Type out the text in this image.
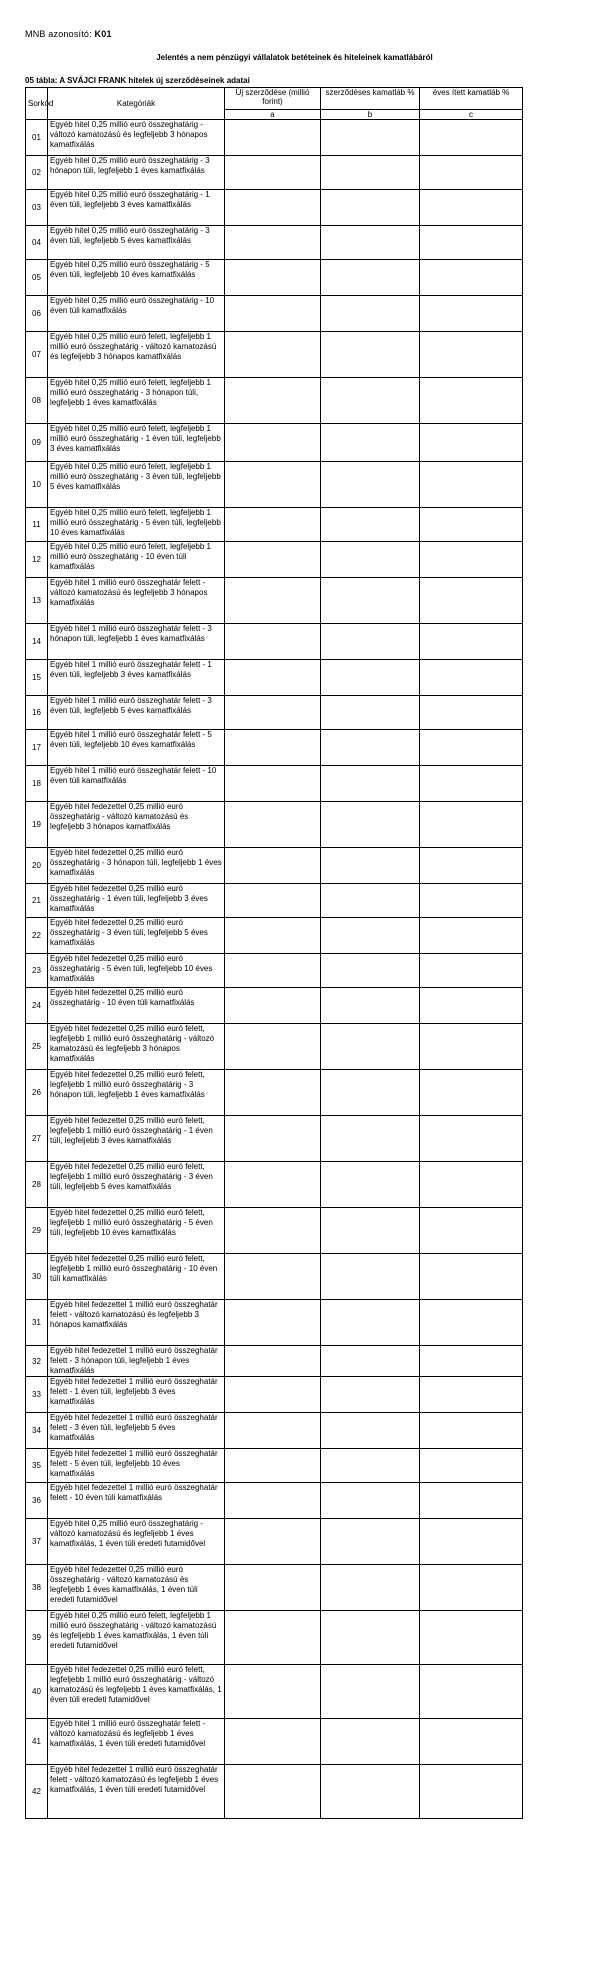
MNB azonosító: K01
Jelentés a nem pénzügyi vállalatok betéteinek és hiteleinek kamatlábáról
05 tábla: A SVÁJCI FRANK hitelek új szerződéseinek adatai
Sorkód	Kategóriák	Új szerződése (millió forint)	szerződéses kamatláb %	éves ített kamatláb %
		a	b	c
01	Egyéb hitel 0,25 millió euró összeghatárig - változó kamatozású és legfeljebb 3 hónapos kamatfixálás			
02	Egyéb hitel 0,25 millió euró összeghatárig - 3 hónapon túli, legfeljebb 1 éves kamatfixálás			
03	Egyéb hitel 0,25 millió euró összeghatárig - 1 éven túli, legfeljebb 3 éves kamatfixálás			
04	Egyéb hitel 0,25 millió euró összeghatárig - 3 éven túli, legfeljebb 5 éves kamatfixálás			
05	Egyéb hitel 0,25 millió euró összeghatárig - 5 éven túli, legfeljebb 10 éves kamatfixálás			
06	Egyéb hitel 0,25 millió euró összeghatárig - 10 éven túli kamatfixálás			
07	Egyéb hitel 0,25 millió euró felett, legfeljebb 1 millió euró összeghatárig - változó kamatozású és legfeljebb 3 hónapos kamatfixálás			
08	Egyéb hitel 0,25 millió euró felett, legfeljebb 1 millió euró összeghatárig - 3 hónapon túli, legfeljebb 1 éves kamatfixálás			
09	Egyéb hitel 0,25 millió euró felett, legfeljebb 1 millió euró összeghatárig - 1 éven túli, legfeljebb 3 éves kamatfixálás			
10	Egyéb hitel 0,25 millió euró felett, legfeljebb 1 millió euró összeghatárig - 3 éven túli, legfeljebb 5 éves kamatfixálás			
11	Egyéb hitel 0,25 millió euró felett, legfeljebb 1 millió euró összeghatárig - 5 éven túli, legfeljebb 10 éves kamatfixálás			
12	Egyéb hitel 0,25 millió euró felett, legfeljebb 1 millió euró összeghatárig - 10 éven túli kamatfixálás			
13	Egyéb hitel 1 millió euró összeghatár felett - változó kamatozású és legfeljebb 3 hónapos kamatfixálás			
14	Egyéb hitel 1 millió euró összeghatár felett - 3 hónapon túli, legfeljebb 1 éves kamatfixálás			
15	Egyéb hitel 1 millió euró összeghatár felett - 1 éven túli, legfeljebb 3 éves kamatfixálás			
16	Egyéb hitel 1 millió euró összeghatár felett - 3 éven túli, legfeljebb 5 éves kamatfixálás			
17	Egyéb hitel 1 millió euró összeghatár felett - 5 éven túli, legfeljebb 10 éves kamatfixálás			
18	Egyéb hitel 1 millió euró összeghatár felett - 10 éven túli kamatfixálás			
19	Egyéb hitel fedezettel 0,25 millió euró összeghatárig - változó kamatozású és legfeljebb 3 hónapos kamatfixálás			
20	Egyéb hitel fedezettel 0,25 millió euró összeghatárig - 3 hónapon túli, legfeljebb 1 éves kamatfixálás			
21	Egyéb hitel fedezettel 0,25 millió euró összeghatárig - 1 éven túli, legfeljebb 3 éves kamatfixálás			
22	Egyéb hitel fedezettel 0,25 millió euró összeghatárig - 3 éven túli, legfeljebb 5 éves kamatfixálás			
23	Egyéb hitel fedezettel 0,25 millió euró összeghatárig - 5 éven túli, legfeljebb 10 éves kamatfixálás			
24	Egyéb hitel fedezettel 0,25 millió euró összeghatárig - 10 éven túli kamatfixálás			
25	Egyéb hitel fedezettel 0,25 millió euró felett, legfeljebb 1 millió euró összeghatárig - változó kamatozású és legfeljebb 3 hónapos kamatfixálás			
26	Egyéb hitel fedezettel 0,25 millió euró felett, legfeljebb 1 millió euró összeghatárig - 3 hónapon túli, legfeljebb 1 éves kamatfixálás			
27	Egyéb hitel fedezettel 0,25 millió euró felett, legfeljebb 1 millió euró összeghatárig - 1 éven túli, legfeljebb 3 éves kamatfixálás			
28	Egyéb hitel fedezettel 0,25 millió euró felett, legfeljebb 1 millió euró összeghatárig - 3 éven túli, legfeljebb 5 éves kamatfixálás			
29	Egyéb hitel fedezettel 0,25 millió euró felett, legfeljebb 1 millió euró összeghatárig - 5 éven túli, legfeljebb 10 éves kamatfixálás			
30	Egyéb hitel fedezettel 0,25 millió euró felett, legfeljebb 1 millió euró összeghatárig - 10 éven túli kamatfixálás			
31	Egyéb hitel fedezettel 1 millió euró összeghatár felett - változó kamatozású és legfeljebb 3 hónapos kamatfixálás			
32	Egyéb hitel fedezettel 1 millió euró összeghatár felett - 3 hónapon túli, legfeljebb 1 éves kamatfixálás			
33	Egyéb hitel fedezettel 1 millió euró összeghatár felett - 1 éven túli, legfeljebb 3 éves kamatfixálás			
34	Egyéb hitel fedezettel 1 millió euró összeghatár felett - 3 éven túli, legfeljebb 5 éves kamatfixálás			
35	Egyéb hitel fedezettel 1 millió euró összeghatár felett - 5 éven túli, legfeljebb 10 éves kamatfixálás			
36	Egyéb hitel fedezettel 1 millió euró összeghatár felett - 10 éven túli kamatfixálás			
37	Egyéb hitel 0,25 millió euró összeghatárig - változó kamatozású és legfeljebb 1 éves kamatfixálás, 1 éven túli eredeti futamidővel			
38	Egyéb hitel fedezettel 0,25 millió euró összeghatárig - változó kamatozású és legfeljebb 1 éves kamatfixálás, 1 éven túli eredeti futamidővel			
39	Egyéb hitel 0,25 millió euró felett, legfeljebb 1 millió euró összeghatárig - változó kamatozású és legfeljebb 1 éves kamatfixálás, 1 éven túli eredeti futamidővel			
40	Egyéb hitel fedezettel 0,25 millió euró felett, legfeljebb 1 millió euró összeghatárig - változó kamatozású és legfeljebb 1 éves kamatfixálás, 1 éven túli eredeti futamidővel			
41	Egyéb hitel 1 millió euró összeghatár felett - változó kamatozású és legfeljebb 1 éves kamatfixálás, 1 éven túli eredeti futamidővel			
42	Egyéb hitel fedezettel 1 millió euró összeghatár felett - változó kamatozású és legfeljebb 1 éves kamatfixálás, 1 éven túli eredeti futamidővel			
